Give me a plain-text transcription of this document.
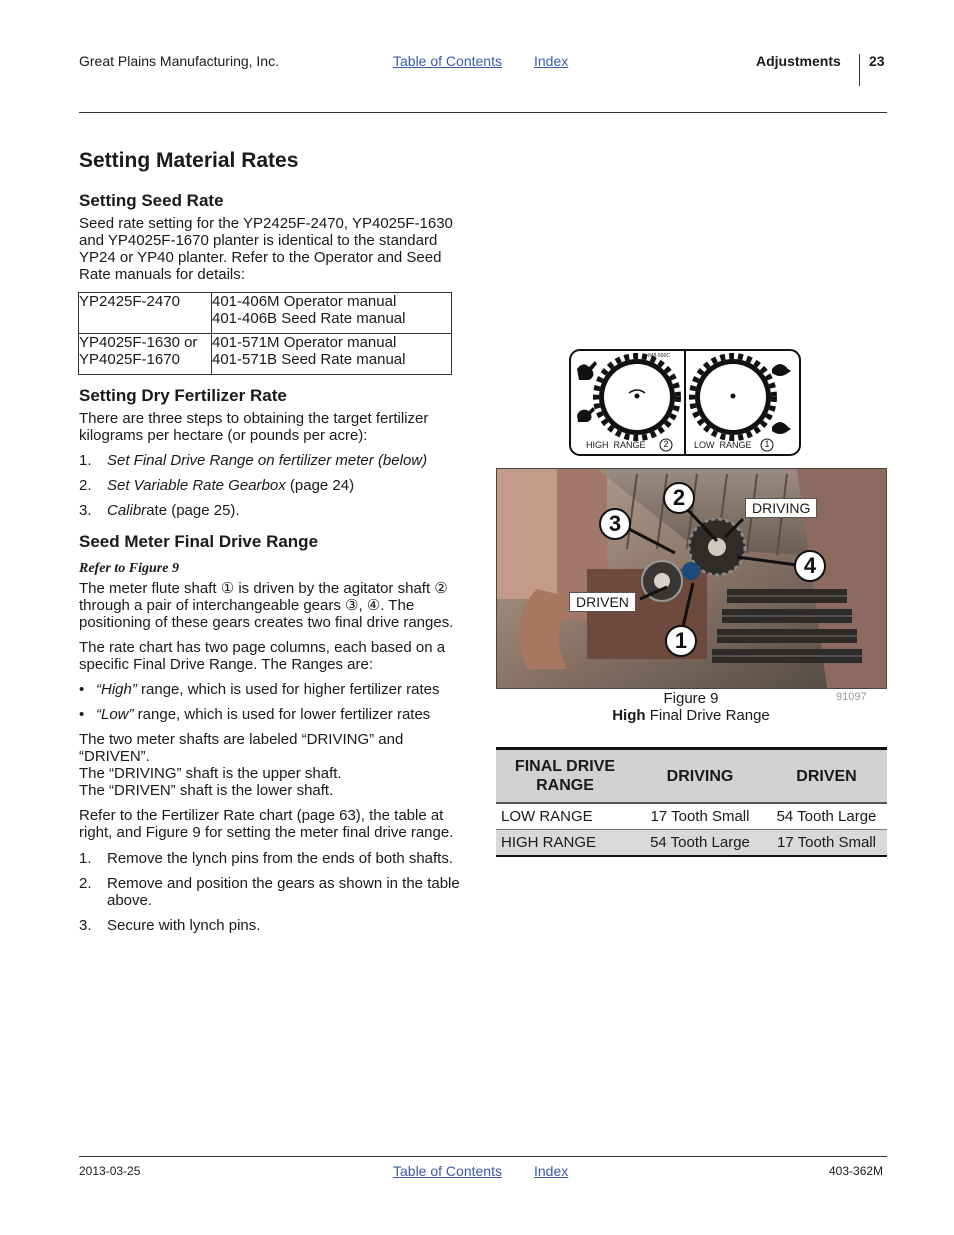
Great Plains Manufacturing, Inc.	Table of Contents Index	Adjustments 23
Setting Material Rates
Setting Seed Rate
Seed rate setting for the YP2425F-2470, YP4025F-1630 and YP4025F-1670 planter is identical to the standard YP24 or YP40 planter. Refer to the Operator and Seed Rate manuals for details:
YP2425F-2470	401-406M Operator manual
401-406B Seed Rate manual

YP4025F-1630 or YP4025F-1670	401-571M Operator manual
401-571B Seed Rate manual
Setting Dry Fertilizer Rate
There are three steps to obtaining the target fertilizer kilograms per hectare (or pounds per acre):
1. Set Final Drive Range on fertilizer meter (below)
2. Set Variable Rate Gearbox (page 24)
3. Calibrate (page 25).
Seed Meter Final Drive Range
Refer to Figure 9
The meter flute shaft ① is driven by the agitator shaft ② through a pair of interchangeable gears ③, ④. The positioning of these gears creates two final drive ranges.
The rate chart has two page columns, each based on a specific Final Drive Range. The Ranges are:
• “High” range, which is used for higher fertilizer rates
• “Low” range, which is used for lower fertilizer rates
The two meter shafts are labeled “DRIVING” and “DRIVEN”.
The “DRIVING” shaft is the upper shaft.
The “DRIVEN” shaft is the lower shaft.
Refer to the Fertilizer Rate chart (page 63), the table at right, and Figure 9 for setting the meter final drive range.
1. Remove the lynch pins from the ends of both shafts.
2. Remove and position the gears as shown in the table above.
3. Secure with lynch pins.
848-500C
HIGH  RANGE 2	LOW  RANGE 1
DRIVING
DRIVEN
1
2
3
4
Figure 9	91097
High Final Drive Range
FINAL DRIVE RANGE	DRIVING	DRIVEN
LOW RANGE	17 Tooth Small	54 Tooth Large
HIGH RANGE	54 Tooth Large	17 Tooth Small
2013-03-25	Table of Contents Index	403-362M
